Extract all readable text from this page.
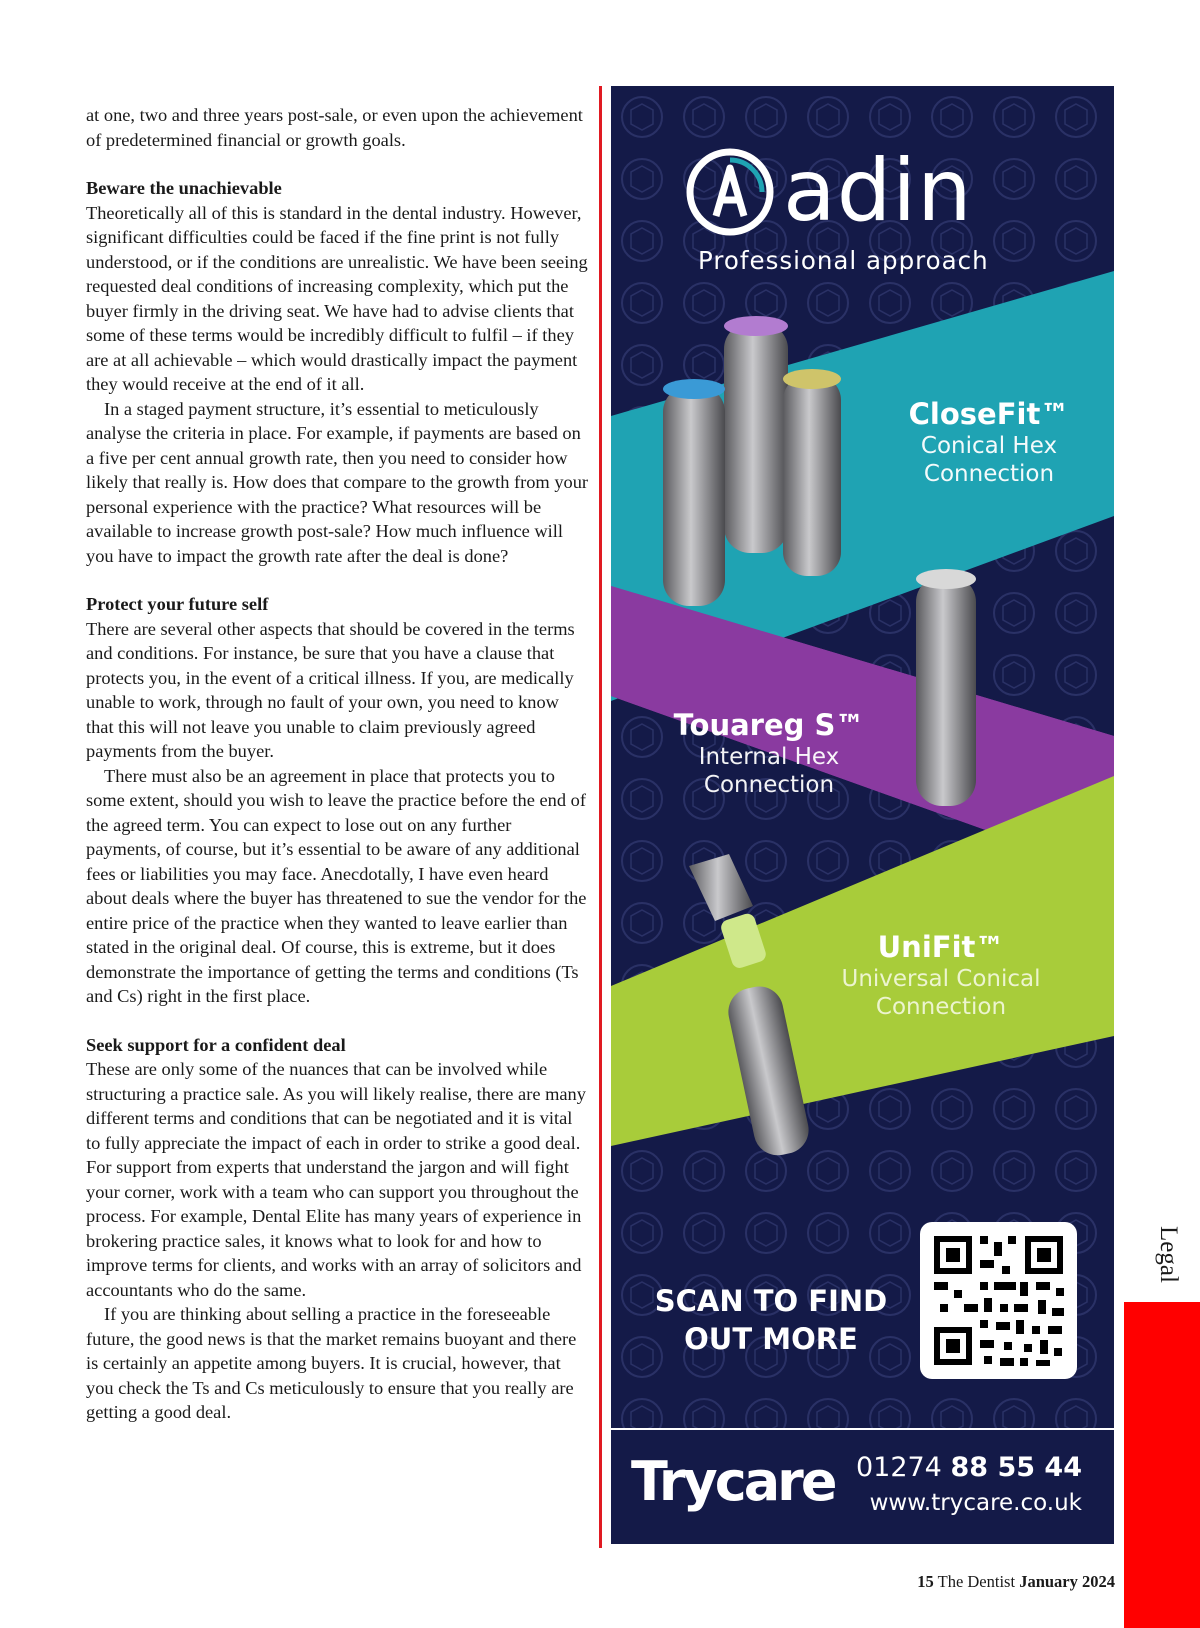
at one, two and three years post-sale, or even upon the achievement of predetermined financial or growth goals.

Beware the unachievable

Theoretically all of this is standard in the dental industry. However, significant difficulties could be faced if the fine print is not fully understood, or if the conditions are unrealistic. We have been seeing requested deal conditions of increasing complexity, which put the buyer firmly in the driving seat. We have had to advise clients that some of these terms would be incredibly difficult to fulfil – if they are at all achievable – which would drastically impact the payment they would receive at the end of it all.

In a staged payment structure, it’s essential to meticulously analyse the criteria in place. For example, if payments are based on a five per cent annual growth rate, then you need to consider how likely that really is. How does that compare to the growth from your personal experience with the practice? What resources will be available to increase growth post-sale? How much influence will you have to impact the growth rate after the deal is done?

Protect your future self

There are several other aspects that should be covered in the terms and conditions. For instance, be sure that you have a clause that protects you, in the event of a critical illness. If you, are medically unable to work, through no fault of your own, you need to know that this will not leave you unable to claim previously agreed payments from the buyer.

There must also be an agreement in place that protects you to some extent, should you wish to leave the practice before the end of the agreed term. You can expect to lose out on any further payments, of course, but it’s essential to be aware of any additional fees or liabilities you may face. Anecdotally, I have even heard about deals where the buyer has threatened to sue the vendor for the entire price of the practice when they wanted to leave earlier than stated in the original deal. Of course, this is extreme, but it does demonstrate the importance of getting the terms and conditions (Ts and Cs) right in the first place.

Seek support for a confident deal

These are only some of the nuances that can be involved while structuring a practice sale. As you will likely realise, there are many different terms and conditions that can be negotiated and it is vital to fully appreciate the impact of each in order to strike a good deal. For support from experts that understand the jargon and will fight your corner, work with a team who can support you throughout the process. For example, Dental Elite has many years of experience in brokering practice sales, it knows what to look for and how to improve terms for clients, and works with an array of solicitors and accountants who do the same.

If you are thinking about selling a practice in the foreseeable future, the good news is that the market remains buoyant and there is certainly an appetite among buyers. It is crucial, however, that you check the Ts and Cs meticulously to ensure that you really are getting a good deal.

adin
Professional approach
CloseFit™
Conical Hex
Connection
Touareg S™
Internal Hex
Connection
UniFit™
Universal Conical
Connection
SCAN TO FIND
OUT MORE
Trycare 01274 88 55 44
www.trycare.co.uk
Legal
15 The Dentist January 2024
